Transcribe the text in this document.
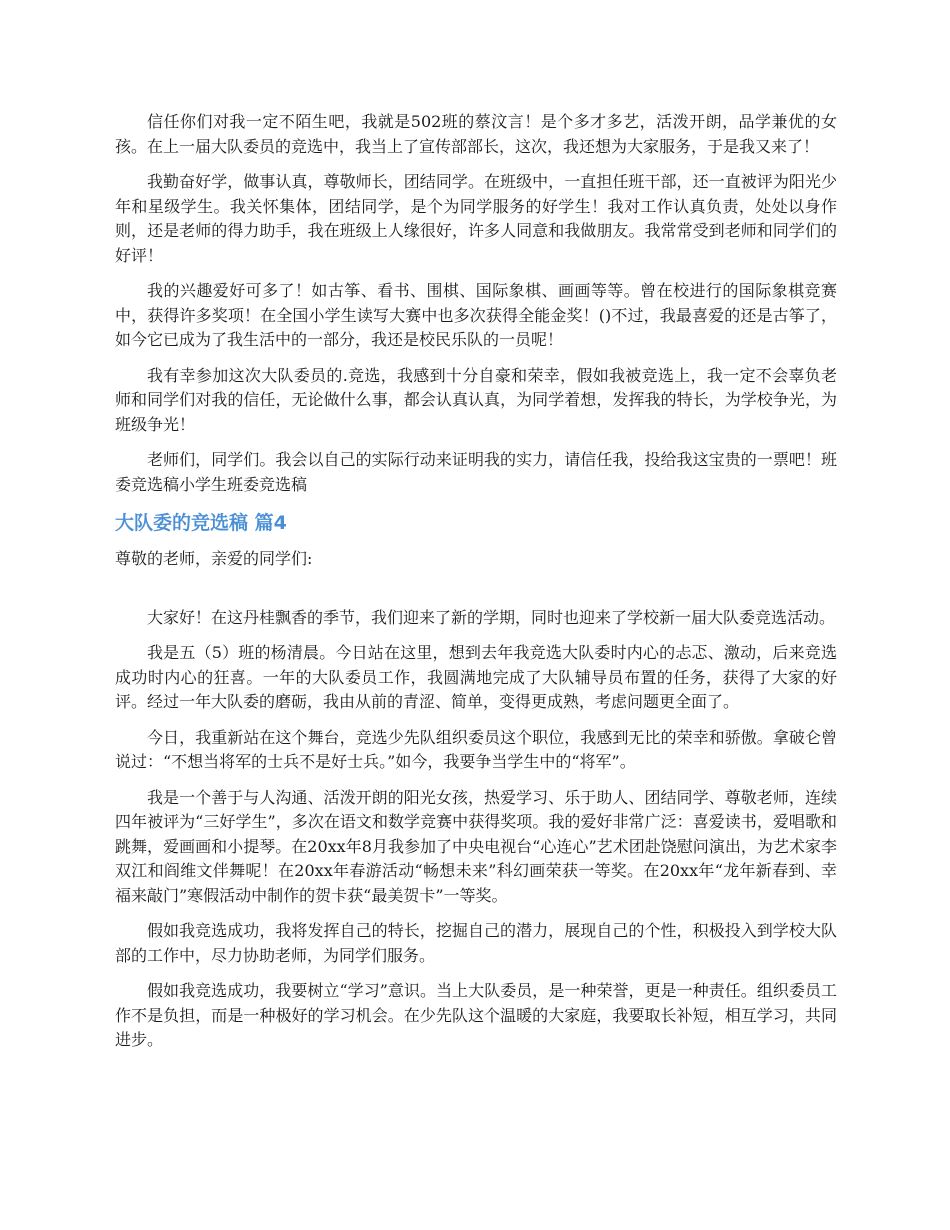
信任你们对我一定不陌生吧，我就是502班的蔡汶言！是个多才多艺，活泼开朗，品学兼优的女孩。在上一届大队委员的竞选中，我当上了宣传部部长，这次，我还想为大家服务，于是我又来了！

我勤奋好学，做事认真，尊敬师长，团结同学。在班级中，一直担任班干部，还一直被评为阳光少年和星级学生。我关怀集体，团结同学，是个为同学服务的好学生！我对工作认真负责，处处以身作则，还是老师的得力助手，我在班级上人缘很好，许多人同意和我做朋友。我常常受到老师和同学们的好评！

我的兴趣爱好可多了！如古筝、看书、围棋、国际象棋、画画等等。曾在校进行的国际象棋竞赛中，获得许多奖项！在全国小学生读写大赛中也多次获得全能金奖！()不过，我最喜爱的还是古筝了，如今它已成为了我生活中的一部分，我还是校民乐队的一员呢！

我有幸参加这次大队委员的.竞选，我感到十分自豪和荣幸，假如我被竞选上，我一定不会辜负老师和同学们对我的信任，无论做什么事，都会认真认真，为同学着想，发挥我的特长，为学校争光，为班级争光！

老师们，同学们。我会以自己的实际行动来证明我的实力，请信任我，投给我这宝贵的一票吧！班委竞选稿小学生班委竞选稿

大队委的竞选稿 篇4

尊敬的老师，亲爱的同学们:

大家好！在这丹桂飘香的季节，我们迎来了新的学期，同时也迎来了学校新一届大队委竞选活动。

我是五（5）班的杨清晨。今日站在这里，想到去年我竞选大队委时内心的忐忑、激动，后来竞选成功时内心的狂喜。一年的大队委员工作，我圆满地完成了大队辅导员布置的任务，获得了大家的好评。经过一年大队委的磨砺，我由从前的青涩、简单，变得更成熟，考虑问题更全面了。

今日，我重新站在这个舞台，竞选少先队组织委员这个职位，我感到无比的荣幸和骄傲。拿破仑曾说过：“不想当将军的士兵不是好士兵。”如今，我要争当学生中的“将军”。

我是一个善于与人沟通、活泼开朗的阳光女孩，热爱学习、乐于助人、团结同学、尊敬老师，连续四年被评为“三好学生”，多次在语文和数学竞赛中获得奖项。我的爱好非常广泛：喜爱读书，爱唱歌和跳舞，爱画画和小提琴。在20xx年8月我参加了中央电视台“心连心”艺术团赴饶慰问演出，为艺术家李双江和阎维文伴舞呢！在20xx年春游活动“畅想未来”科幻画荣获一等奖。在20xx年“龙年新春到、幸福来敲门”寒假活动中制作的贺卡获“最美贺卡”一等奖。

假如我竞选成功，我将发挥自己的特长，挖掘自己的潜力，展现自己的个性，积极投入到学校大队部的工作中，尽力协助老师，为同学们服务。

假如我竞选成功，我要树立“学习”意识。当上大队委员，是一种荣誉，更是一种责任。组织委员工作不是负担，而是一种极好的学习机会。在少先队这个温暖的大家庭，我要取长补短，相互学习，共同进步。
